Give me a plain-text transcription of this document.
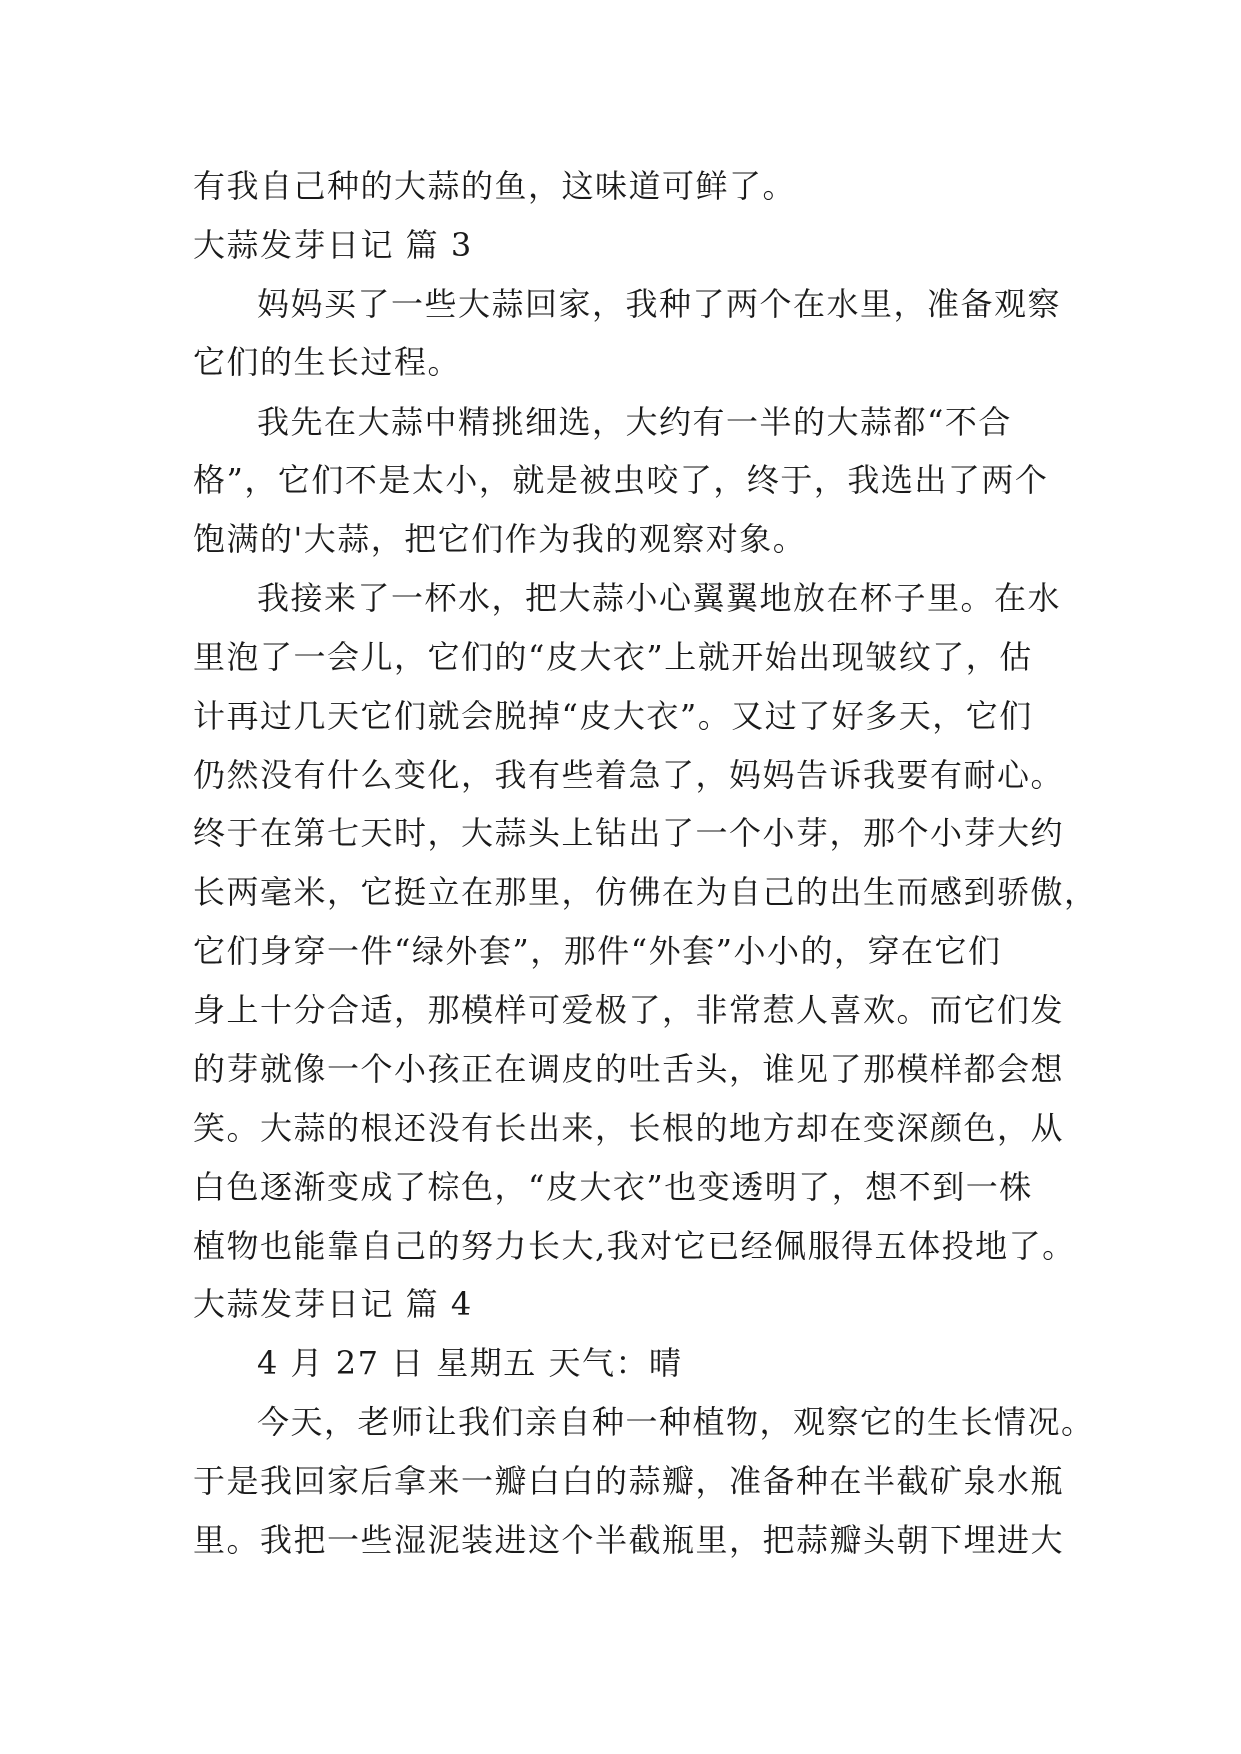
有我自己种的大蒜的鱼，这味道可鲜了。
大蒜发芽日记 篇 3
妈妈买了一些大蒜回家，我种了两个在水里，准备观察
它们的生长过程。
我先在大蒜中精挑细选，大约有一半的大蒜都“不合
格”，它们不是太小，就是被虫咬了，终于，我选出了两个
饱满的'大蒜，把它们作为我的观察对象。
我接来了一杯水，把大蒜小心翼翼地放在杯子里。在水
里泡了一会儿，它们的“皮大衣”上就开始出现皱纹了，估
计再过几天它们就会脱掉“皮大衣”。又过了好多天，它们
仍然没有什么变化，我有些着急了，妈妈告诉我要有耐心。
终于在第七天时，大蒜头上钻出了一个小芽，那个小芽大约
长两毫米，它挺立在那里，仿佛在为自己的出生而感到骄傲，
它们身穿一件“绿外套”，那件“外套”小小的，穿在它们
身上十分合适，那模样可爱极了，非常惹人喜欢。而它们发
的芽就像一个小孩正在调皮的吐舌头，谁见了那模样都会想
笑。大蒜的根还没有长出来，长根的地方却在变深颜色，从
白色逐渐变成了棕色，“皮大衣”也变透明了，想不到一株
植物也能靠自己的努力长大,我对它已经佩服得五体投地了。
大蒜发芽日记 篇 4
4 月 27 日 星期五 天气：晴
今天，老师让我们亲自种一种植物，观察它的生长情况。
于是我回家后拿来一瓣白白的蒜瓣，准备种在半截矿泉水瓶
里。我把一些湿泥装进这个半截瓶里，把蒜瓣头朝下埋进大
